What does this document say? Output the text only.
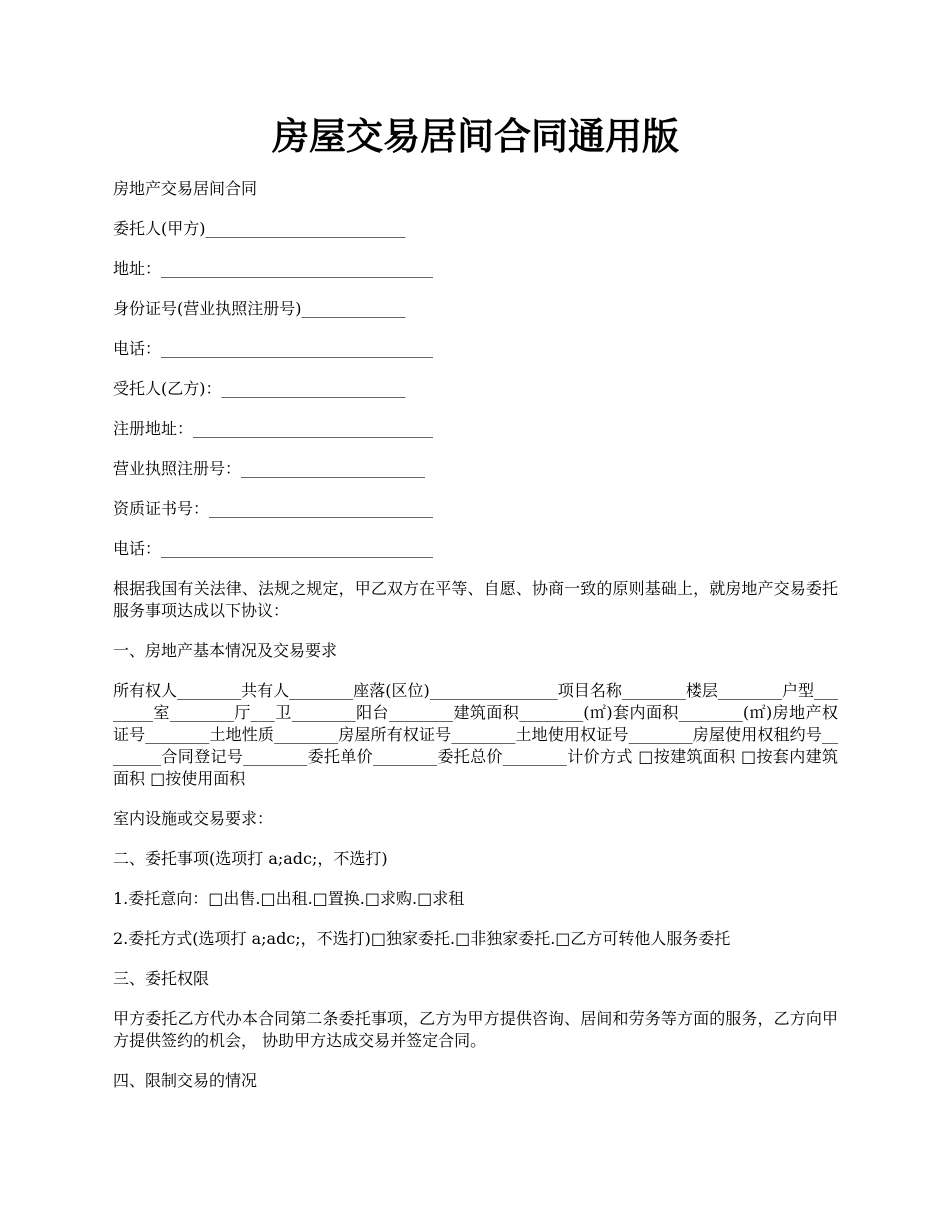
房屋交易居间合同通用版

房地产交易居间合同

委托人(甲方)_________________________

地址：__________________________________

身份证号(营业执照注册号)_____________

电话：__________________________________

受托人(乙方)：_______________________

注册地址：______________________________

营业执照注册号：_______________________

资质证书号：____________________________

电话：__________________________________

根据我国有关法律、法规之规定，甲乙双方在平等、自愿、协商一致的原则基础上，就房地产交易委托服务事项达成以下协议：

一、房地产基本情况及交易要求

所有权人________共有人________座落(区位)________________项目名称________楼层________户型________室________厅___卫________阳台________建筑面积________(㎡)套内面积________(㎡)房地产权证号________土地性质________房屋所有权证号________土地使用权证号________房屋使用权租约号________合同登记号________委托单价________委托总价________计价方式 □按建筑面积 □按套内建筑面积 □按使用面积

室内设施或交易要求：

二、委托事项(选项打 a;adc;，不选打)

1.委托意向：□出售.□出租.□置换.□求购.□求租

2.委托方式(选项打 a;adc;，不选打)□独家委托.□非独家委托.□乙方可转他人服务委托

三、委托权限

甲方委托乙方代办本合同第二条委托事项，乙方为甲方提供咨询、居间和劳务等方面的服务，乙方向甲方提供签约的机会， 协助甲方达成交易并签定合同。

四、限制交易的情况
